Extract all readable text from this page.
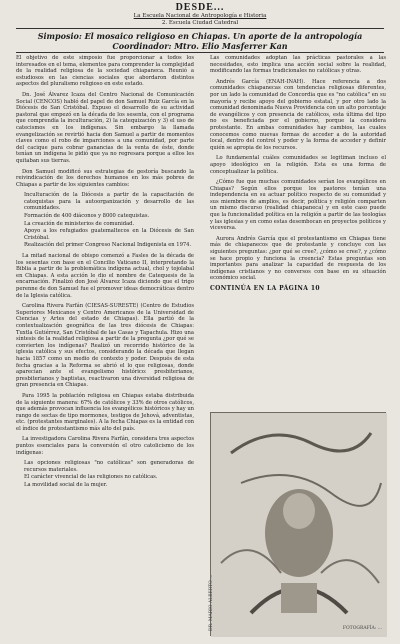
DESDE...
La Escuela Nacional de Antropología e Historia
2. Escuela Ciudad Catedral
Simposio: El mosaico religioso en Chiapas. Un aporte de la antropología
Coordinador: Mtro. Elio Masferrer Kan

El objetivo de este simposio fue proporcionar a todos los interesados en el tema, elementos para comprender la complejidad de la realidad religiosa de la sociedad chiapaneca. Reunió a estudiosos en las ciencias sociales que abordaron distintos aspectos del pluralismo religioso en este estado.

Dn. José Álvarez Icaza del Centro Nacional de Comunicación Social (CENCOS) habló del papel de don Samuel Ruiz García en la Diócesis de San Cristóbal. Expuso el desarrollo de su actividad pastoral que empezó en la década de los sesenta, con el programa que comprendía la inculturación, 2) la catequización y 3) el uso de catecismos en los indígenas. Sin embargo la llamada evangelización se revirtió hacia don Samuel a partir de momentos claves como el robo de imparciones a una comunidad, por parte del cacique para cobrar ganancias de la venta de éste, donde tenían un indígena le pidió que ya no regresara porque a ellos les quitaban sus tierras.

Don Samuel modificó sus estrategias de gestoría buscando la reivindicación de los derechos humanos en los más pobres de Chiapas a partir de los siguientes cambios:

Inculturación de la Diócesis a partir de la capacitación de catequistas para la autoorganización y desarrollo de las comunidades.
Formación de 400 diáconos y 8000 catequistas.
La creación de ministerios de comunidad.
Apoyo a los refugiados guatemaltecos en la Diócesis de San Cristóbal.
Realización del primer Congreso Nacional Indigenista en 1974.

La mitad nacional de obispo comenzó a Fasles de la década de los sesentas con base en el Concilio Vaticano II, interpretando la Biblia a partir de la problemática indígena actual, chol y tojolabal en Chiapas. A esta acción le dio el nombre de Catequesis de la encarnación. Finalizó don José Álvarez Icaza diciendo que el trigo perenne de don Samuel fue el promover ideas democráticas dentro de la Iglesia católica.

Carolina Rivera Farfán (CIESAS-SURESTE) (Centro de Estudios Superiores Mexicanos y Centro Americanos de la Universidad de Ciencias y Artes del estado de Chiapas). Ella partió de la contextualización geográfica de las tres diócesis de Chiapas: Tuxtla Gutiérrez, San Cristóbal de las Casas y Tapachula. Hizo una síntesis de la realidad religiosa a partir de la pregunta ¿por qué se convierten los indígenas? Realizó un recorrido histórico de la iglesia católica y sus efectos, considerando la década que llegan hacia 1857 como un medio de contexto y poder. Después de esta fecha gracias a la Reforma se abrió el lo que religiosas, donde aparecían ante el evangelismo histórico: presbiterianos, presbiterianos y baptistas, reactivaron una diversidad religiosa de gran presencia en Chiapas.

Para 1995 la población religiosa en Chiapas estaba distribuida de la siguiente manera: 67% de católicos y 33% de otros católicos, que además provocan influencia los evangélicos históricos y hay un rango de sectas de tipo mormones, testigos de Jehová, adventistas, etc. (protestantes marginales). A la fecha Chiapas es la entidad con el índice de protestantismo más alto del país.

La investigadora Carolina Rivera Farfán, considera tres aspectos puntos esenciales para la conversión el otro catolicismo de los indígenas:

Las opciones religiosas "no católicas" son generadoras de recursos materiales.
El carácter vivencial de las religiones no católicas.
La movilidad social de la mujer.

Las comunidades adoptan las prácticas pastorales a las necesidades, esto implica una acción social sobre la realidad, modificando las formas tradicionales no católicas y otras.

Andrés García (ENAH-INAH). Hace referencia a dos comunidades chiapanecas con tendencias religiosas diferentes, por un lado la comunidad de Concordia que es "no católica" en su mayoría y recibe apoyo del gobierno estatal, y por otro lado la comunidad denominada Nueva Providencia con un alto porcentaje de evangélicos y con presencia de católicos, esta última del tipo no es beneficiada por el gobierno, porque la considera protestante. En ambas comunidades hay cambios, las cuales conocemos como nuevas formas de acceder a de la autoridad local, dentro del control y poder y la forma de acceder y definir quién se apropia de los recursos.

Lo fundamental cuáles comunidades se legitiman incluso el apoyo ideológico en la religión. Esta es una forma de conceptualizar la política.

¿Cómo fue que muchas comunidades serían los evangélicos en Chiapas? Según ellos porque los pastores tenían una independencia en su actuar político respecto de su comunidad y sus miembros de amplios, es decir, política y religión comparten un mismo discurso (realidad chiapaneca) y en este caso puede que la funcionalidad política en la religión a partir de las teologías y las iglesias y en como estas desembocan en proyectos políticos y viceversa.

Aurora Andrés García que el protestantismo en Chiapas tiene más de chiapanecos que de protestante y concluye con las siguientes preguntas: ¿por qué se cree?, ¿cómo se cree?, y ¿cómo se hace propio y funciona la creencia? Estas preguntas son importantes para analizar la capacidad de respuesta de los indígenas cristianos y no conversos con base en su situación económico social.

CONTINÚA EN LA PÁGINA 10
DR. MARIO ALBERTO ...	FOTOGRAFÍA: ...
